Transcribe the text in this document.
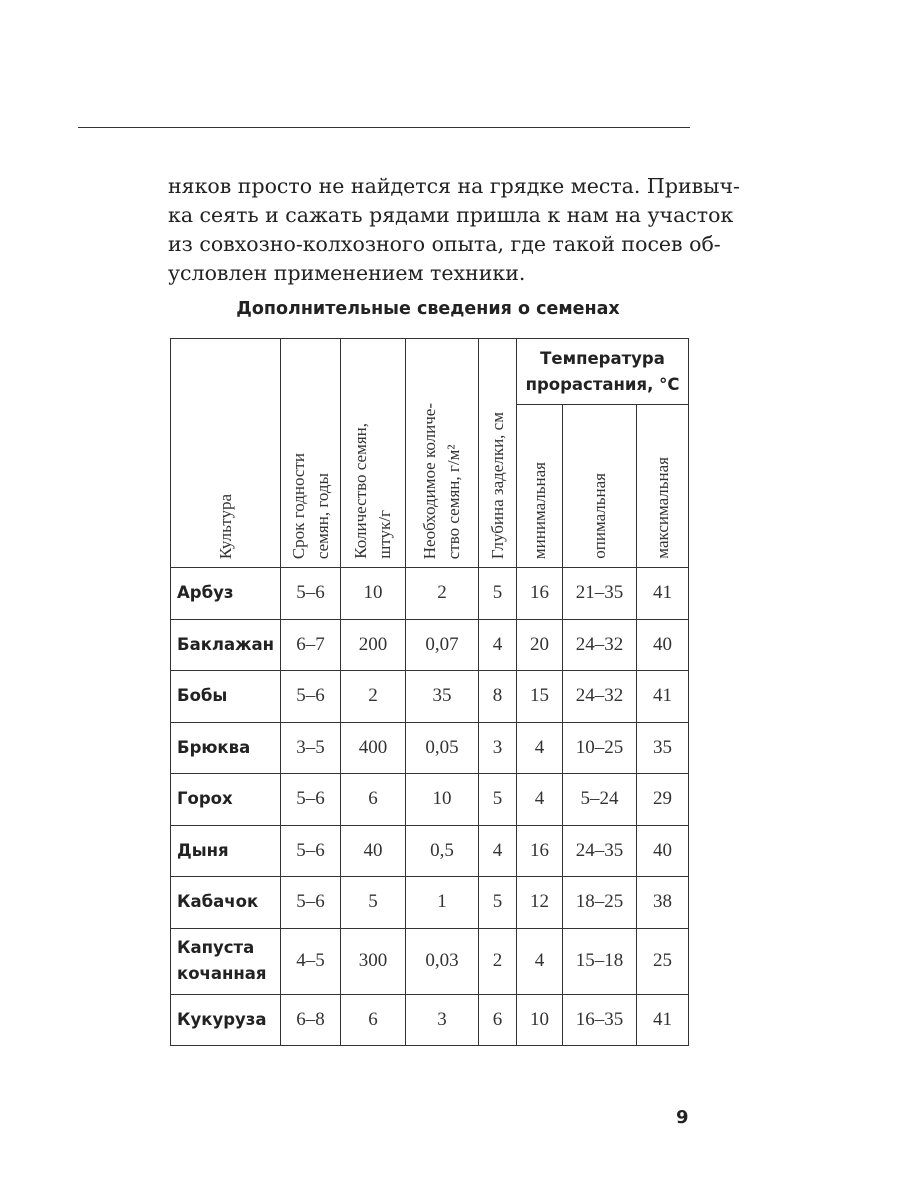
няков просто не найдется на грядке места. Привыч-
ка сеять и сажать рядами пришла к нам на участок
из совхозно-колхозного опыта, где такой посев об-
условлен применением техники.
Дополнительные сведения о семенах
Культура	Срок годности семян, годы	Количество семян, штук/г	Необходимое количе- ство семян, г/м²	Глубина заделки, см	Температура
прорастания, °C		

					минимальная	опимальная	максимальная

Арбуз	5–6	10	2	5	16	21–35	41
Баклажан	6–7	200	0,07	4	20	24–32	40
Бобы	5–6	2	35	8	15	24–32	41
Брюква	3–5	400	0,05	3	4	10–25	35
Горох	5–6	6	10	5	4	5–24	29
Дыня	5–6	40	0,5	4	16	24–35	40
Кабачок	5–6	5	1	5	12	18–25	38
Капуста
кочанная	4–5	300	0,03	2	4	15–18	25
Кукуруза	6–8	6	3	6	10	16–35	41
9
